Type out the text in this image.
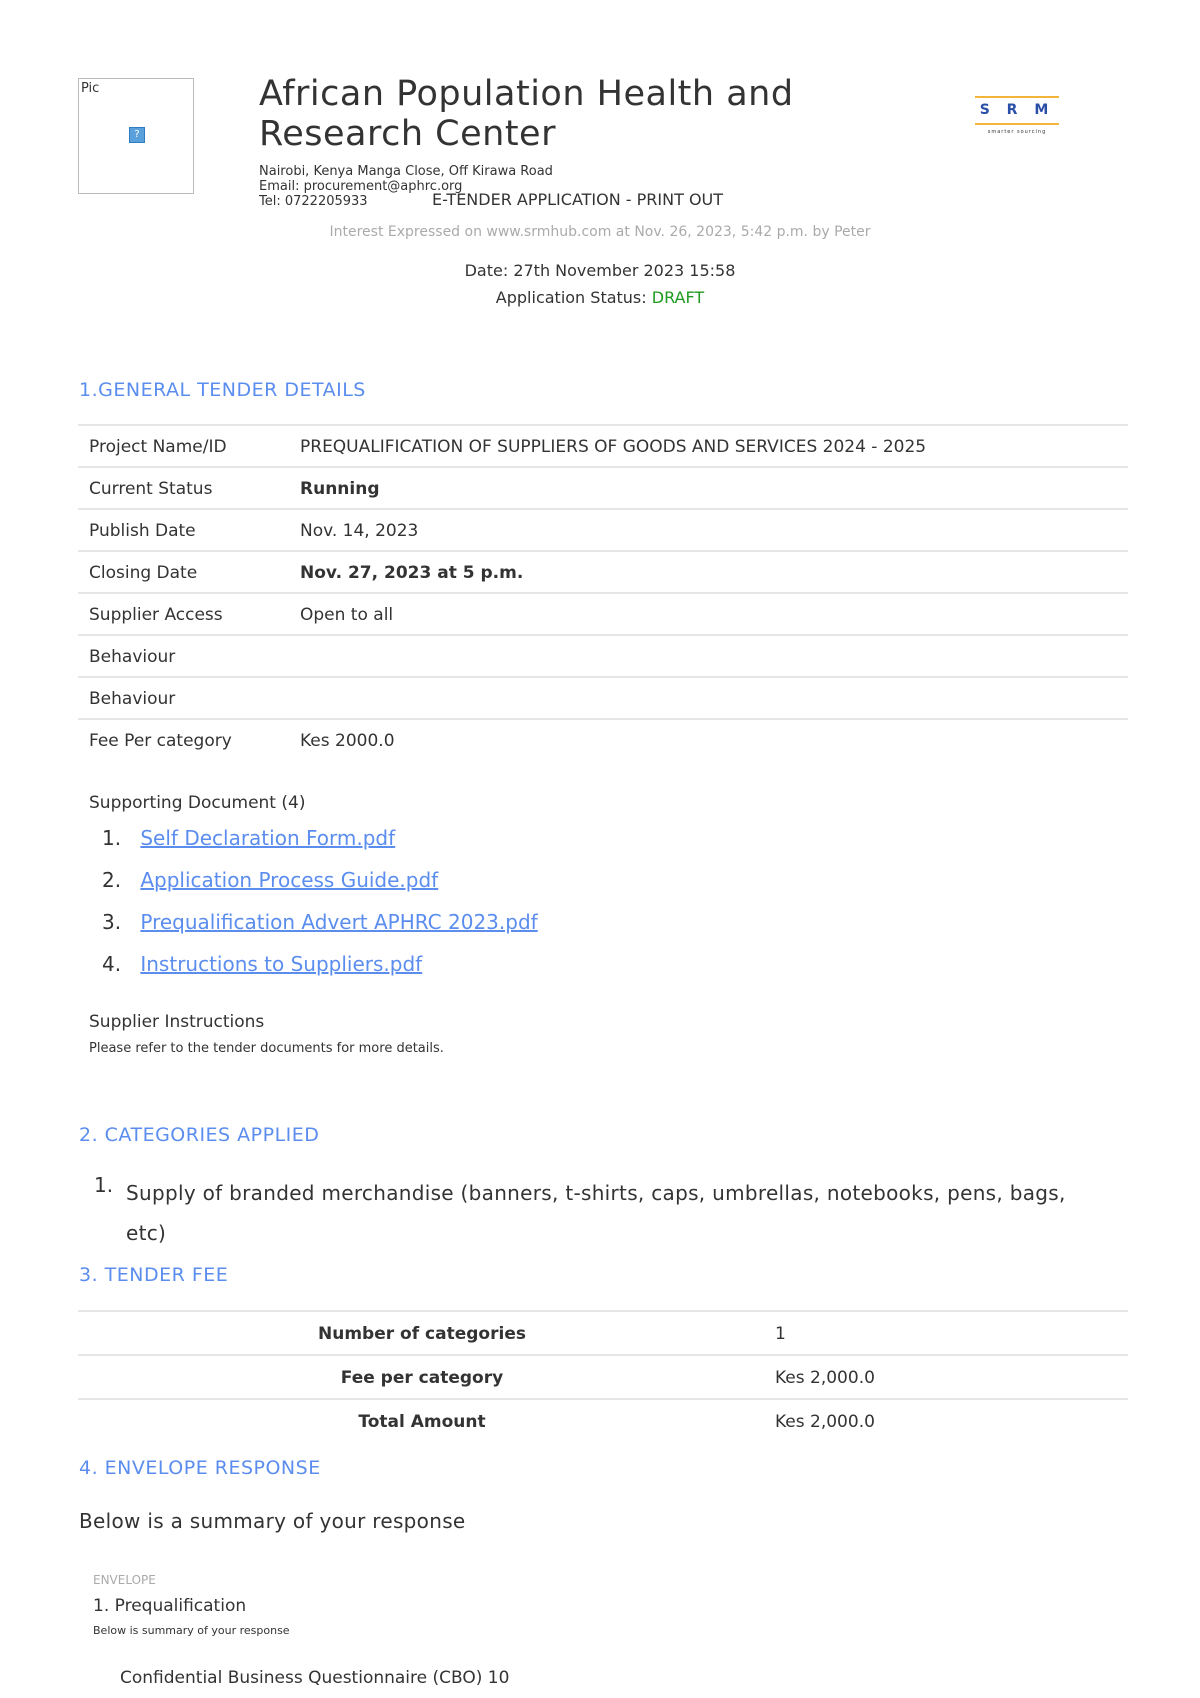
Pic
?
African Population Health and Research Center
Nairobi, Kenya Manga Close, Off Kirawa Road
Email: procurement@aphrc.org
Tel: 0722205933
S R M
smarter sourcing
E-TENDER APPLICATION - PRINT OUT
Interest Expressed on www.srmhub.com at Nov. 26, 2023, 5:42 p.m. by Peter
Date: 27th November 2023 15:58
Application Status: DRAFT
1.GENERAL TENDER DETAILS
Project Name/ID	PREQUALIFICATION OF SUPPLIERS OF GOODS AND SERVICES 2024 - 2025
Current Status	Running
Publish Date	Nov. 14, 2023
Closing Date	Nov. 27, 2023 at 5 p.m.
Supplier Access	Open to all
Behaviour
Behaviour
Fee Per category	Kes 2000.0
Supporting Document (4)
1. Self Declaration Form.pdf
2. Application Process Guide.pdf
3. Prequalification Advert APHRC 2023.pdf
4. Instructions to Suppliers.pdf
Supplier Instructions
Please refer to the tender documents for more details.
2. CATEGORIES APPLIED
1. Supply of branded merchandise (banners, t-shirts, caps, umbrellas, notebooks, pens, bags, etc)
3. TENDER FEE
Number of categories	1
Fee per category	Kes 2,000.0
Total Amount	Kes 2,000.0
4. ENVELOPE RESPONSE
Below is a summary of your response
ENVELOPE
1. Prequalification
Below is summary of your response
Confidential Business Questionnaire (CBO) 10
